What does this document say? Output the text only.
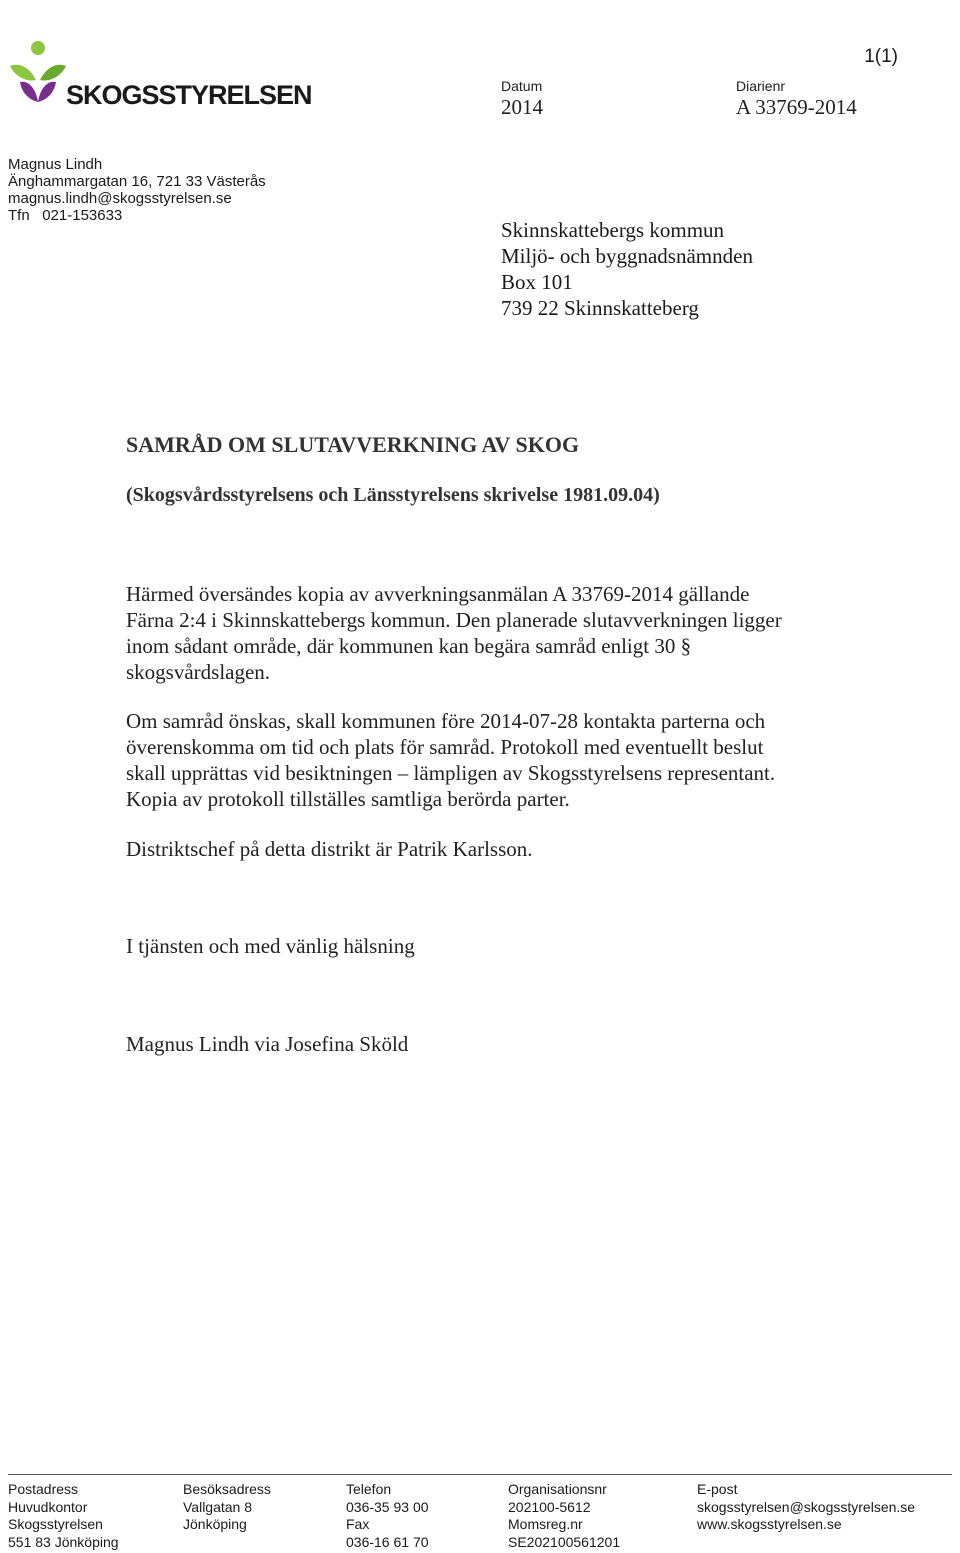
SKOGSSTYRELSEN
1(1)
Datum
2014
Diarienr
A 33769-2014
Magnus Lindh
Änghammargatan 16, 721 33 Västerås
magnus.lindh@skogsstyrelsen.se
Tfn 021-153633
Skinnskattebergs kommun
Miljö- och byggnadsnämnden
Box 101
739 22 Skinnskatteberg
SAMRÅD OM SLUTAVVERKNING AV SKOG
(Skogsvårdsstyrelsens och Länsstyrelsens skrivelse 1981.09.04)
Härmed översändes kopia av avverkningsanmälan A 33769-2014 gällande
Färna 2:4 i Skinnskattebergs kommun. Den planerade slutavverkningen ligger
inom sådant område, där kommunen kan begära samråd enligt 30 §
skogsvårdslagen.
Om samråd önskas, skall kommunen före 2014-07-28 kontakta parterna och
överenskomma om tid och plats för samråd. Protokoll med eventuellt beslut
skall upprättas vid besiktningen – lämpligen av Skogsstyrelsens representant.
Kopia av protokoll tillställes samtliga berörda parter.
Distriktschef på detta distrikt är Patrik Karlsson.
I tjänsten och med vänlig hälsning
Magnus Lindh via Josefina Sköld
Postadress
Huvudkontor
Skogsstyrelsen
551 83 Jönköping
Besöksadress
Vallgatan 8
Jönköping
Telefon
036-35 93 00
Fax
036-16 61 70
Organisationsnr
202100-5612
Momsreg.nr
SE202100561201
E-post
skogsstyrelsen@skogsstyrelsen.se
www.skogsstyrelsen.se
